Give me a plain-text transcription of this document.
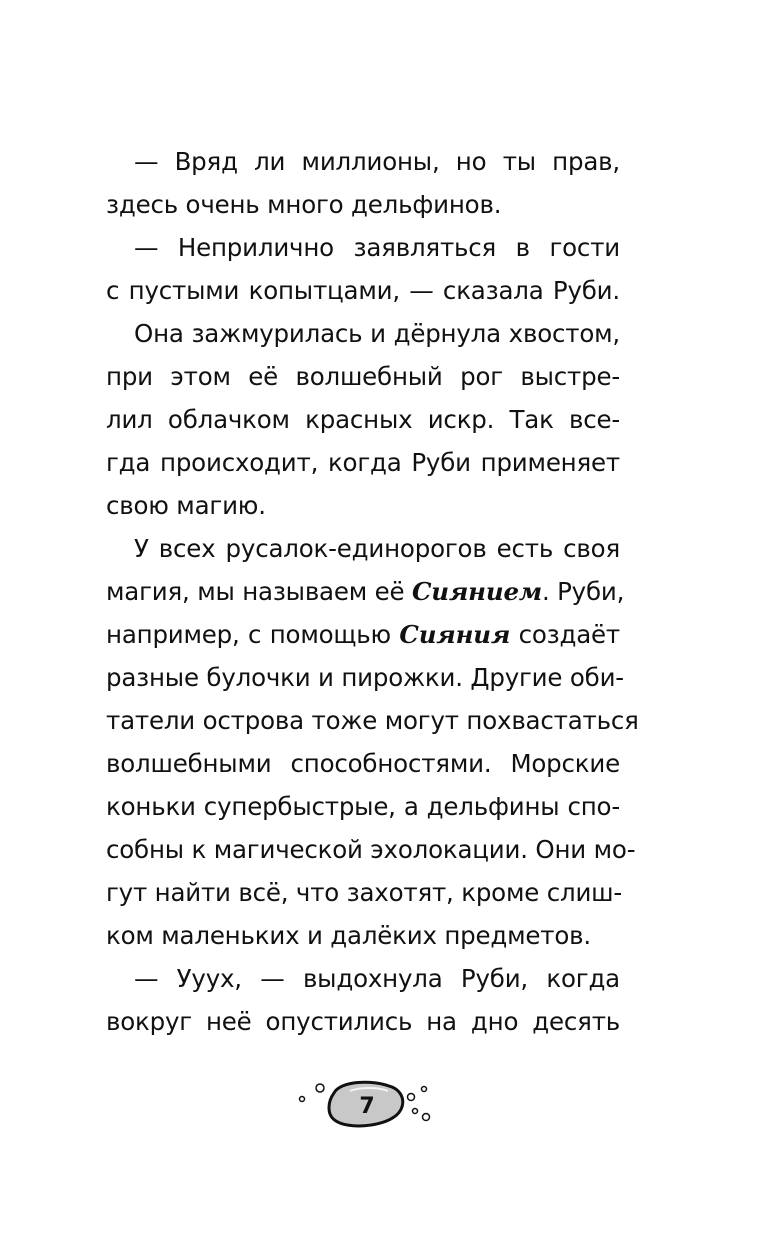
— Вряд ли миллионы, но ты прав,
здесь очень много дельфинов.
— Неприлично заявляться в гости
с пустыми копытцами, — сказала Руби.
Она зажмурилась и дёрнула хвостом,
при этом её волшебный рог выстре-
лил облачком красных искр. Так все-
гда происходит, когда Руби применяет
свою магию.
У всех русалок-единорогов есть своя
магия, мы называем её Сиянием. Руби,
например, с помощью Сияния создаёт
разные булочки и пирожки. Другие оби-
татели острова тоже могут похвастаться
волшебными способностями. Морские
коньки супербыстрые, а дельфины спо-
собны к магической эхолокации. Они мо-
гут найти всё, что захотят, кроме слиш-
ком маленьких и далёких предметов.
— Ууух, — выдохнула Руби, когда
вокруг неё опустились на дно десять
7
